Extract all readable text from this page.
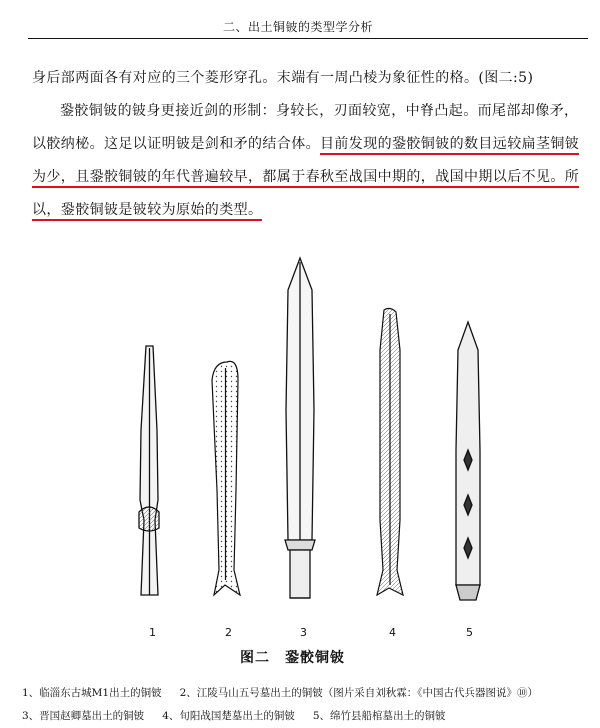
二、出土铜铍的类型学分析

身后部两面各有对应的三个菱形穿孔。末端有一周凸棱为象征性的格。(图二:5)

銎骹铜铍的铍身更接近剑的形制：身较长，刃面较宽，中脊凸起。而尾部却像矛，以骹纳柲。这足以证明铍是剑和矛的结合体。目前发现的銎骹铜铍的数目远较扁茎铜铍为少，且銎骹铜铍的年代普遍较早，都属于春秋至战国中期的，战国中期以后不见。所以，銎骹铜铍是铍较为原始的类型。

1	2	3	4	5
图二　銎骹铜铍
1、临淄东古城M1出土的铜铍 2、江陵马山五号墓出土的铜铍（图片采自刘秋霖：《中国古代兵器图说》⑩）
3、晋国赵卿墓出土的铜铍 4、旬阳战国楚墓出土的铜铍 5、绵竹县船棺墓出土的铜铍
